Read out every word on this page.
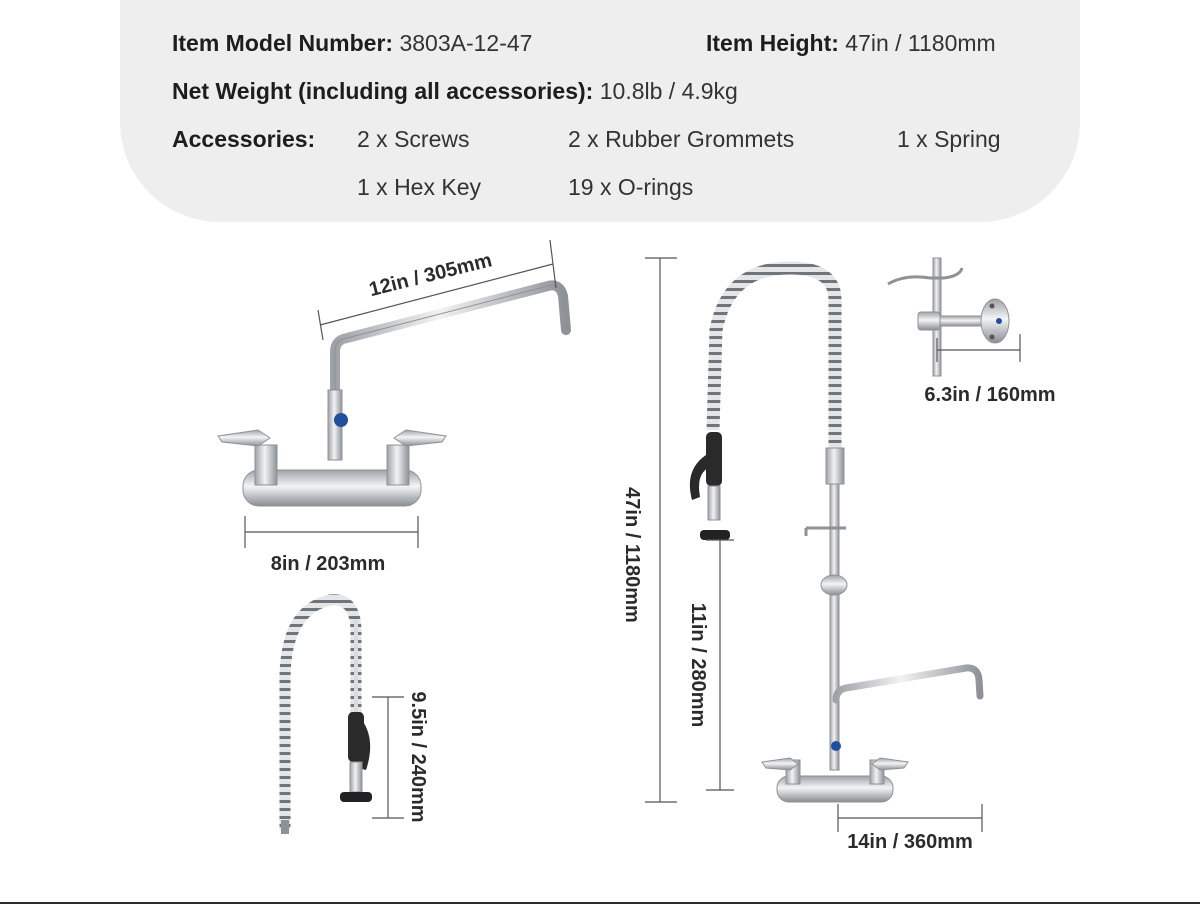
Item Model Number: 3803A-12-47	Item Height: 47in / 1180mm
Net Weight (including all accessories): 10.8lb / 4.9kg
Accessories: 2 x Screws	2 x Rubber Grommets	1 x Spring
1 x Hex Key	19 x O-rings
12in / 305mm
8in / 203mm
9.5in / 240mm
47in / 1180mm
11in / 280mm
14in / 360mm
6.3in / 160mm
